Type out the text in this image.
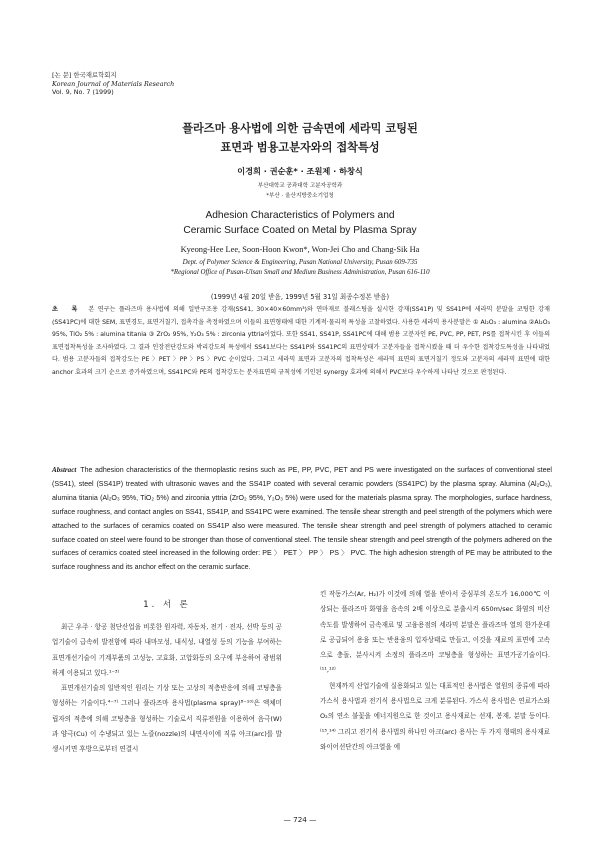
[논 문] 한국재료학회지
Korean Journal of Materials Research
Vol. 9, No. 7 (1999)
플라즈마 용사법에 의한 금속면에 세라믹 코팅된
표면과 범용고분자와의 접착특성
이경희 · 권순훈* · 조원제 · 하창식
부산대학교 공과대학 고분자공학과
*부산 · 울산지방중소기업청
Adhesion Characteristics of Polymers and
Ceramic Surface Coated on Metal by Plasma Spray
Kyeong-Hee Lee, Soon-Hoon Kwon*, Won-Jei Cho and Chang-Sik Ha
Dept. of Polymer Science & Engineering, Pusan National University, Pusan 609-735
*Regional Office of Pusan-Ulsan Small and Medium Business Administration, Pusan 616-110
(1999년 4월 20일 받음, 1999년 5월 31일 최종수정본 받음)
초 록 본 연구는 플라즈마 용사법에 의해 일반구조용 강재(SS41, 30×40×60mm³)와 연마재로 블래스팅을 실시한 강재(SS41P) 및 SS41P에 세라믹 분말을 코팅한 강재(SS41PC)에 대한 SEM, 표면경도, 표면거칠기, 접촉각을 측정하였으며 이들의 표면형태에 대한 기계적·물리적 특성을 고찰하였다. 사용한 세라믹 용사분말은 ① Al₂O₃ : alumina ②Al₂O₃ 95%, TiO₂ 5% : alumina titania ③ ZrO₂ 95%, Y₂O₃ 5% : zirconia yttria이었다. 또한 SS41, SS41P, SS41PC에 대해 범용 고분자인 PE, PVC, PP, PET, PS를 접착시킨 후 이들의 표면접착특성을 조사하였다. 그 결과 인장전단강도와 박리강도의 특성에서 SS41보다는 SS41P와 SS41PC의 표면상태가 고분자들을 접착시켰을 때 더 우수한 접착강도특성을 나타내었다. 범용 고분자들의 접착강도는 PE 〉PET 〉PP 〉PS 〉PVC 순이었다. 그리고 세라믹 표면과 고분자의 접착특성은 세라믹 표면의 표면거칠기 정도와 고분자의 세라믹 표면에 대한 anchor 효과의 크기 순으로 증가하였으며, SS41PC와 PE의 접착강도는 분자표면의 규칙성에 기인된 synergy 효과에 의해서 PVC보다 우수하게 나타난 것으로 판정된다.
Abstract The adhesion characteristics of the thermoplastic resins such as PE, PP, PVC, PET and PS were investigated on the surfaces of conventional steel (SS41), steel (SS41P) treated with ultrasonic waves and the SS41P coated with several ceramic powders (SS41PC) by the plasma spray. Alumina (Al₂O₃), alumina titania (Al₂O₃ 95%, TiO₂ 5%) and zirconia yttria (ZrO₂ 95%, Y₂O₃ 5%) were used for the materials plasma spray. The morphologies, surface hardness, surface roughness, and contact angles on SS41, SS41P, and SS41PC were examined. The tensile shear strength and peel strength of the polymers which were attached to the surfaces of ceramics coated on SS41P also were measured. The tensile shear strength and peel strength of polymers attached to ceramic surface coated on steel were found to be stronger than those of conventional steel. The tensile shear strength and peel strength of the polymers adhered on the surfaces of ceramics coated steel increased in the following order: PE 〉 PET 〉 PP 〉 PS 〉 PVC. The high adhesion strength of PE may be attributed to the surface roughness and its anchor effect on the ceramic surface.
1. 서 론

최근 우주 · 항공 첨단산업을 비롯한 원자력, 자동차, 전기 · 전자, 선박 등의 공업기술이 급속히 발전함에 따라 내마모성, 내식성, 내열성 등의 기능을 부여하는 표면개선기술이 기계부품의 고성능, 고효화, 고압화등의 요구에 부응하여 광범위하게 이용되고 있다.¹⁻³⁾

표면개선기술의 일반적인 원리는 기상 또는 고상의 적층반응에 의해 코팅층을 형성하는 기술이다.⁴⁻⁷⁾ 그러나 플라즈마 용사법(plasma spray)⁸⁻¹⁰⁾은 액체미립자의 적층에 의해 코팅층을 형성하는 기술로서 직류전원을 이용하여 음극(W)과 양극(Cu) 이 수냉되고 있는 노즐(nozzle)의 내면사이에 직류 아크(arc)를 발생시키면 후방으로부터 연결시

킨 작동가스(Ar, H₂)가 이것에 의해 열을 받아서 중심부의 온도가 16,000℃ 이상되는 플라즈마 화염을 음속의 2배 이상으로 분출시켜 650m/sec 화염의 비산속도를 발생하여 금속재료 및 고융용점의 세라믹 분말은 플라즈마 열의 한가운데로 공급되어 용융 또는 반용융의 입자상태로 만들고, 이것을 재료의 표면에 고속으로 충돌, 분사시켜 소정의 플라즈마 코팅층을 형성하는 표면가공기술이다.⁽¹¹,¹²⁾

현재까지 산업기술에 실용화되고 있는 대표적인 용사법은 열원의 종류에 따라 가스식 용사법과 전기식 용사법으로 크게 분류된다. 가스식 용사법은 연료가스와 O₂의 연소 불꽃을 에너지원으로 한 것이고 용사재료는 선재, 봉재, 분말 등이다.⁽¹³,¹⁴⁾ 그리고 전기식 용사법의 하나인 아크(arc) 용사는 두 가지 형태의 용사재료 와이어선단간의 아크열을 에

— 724 —
